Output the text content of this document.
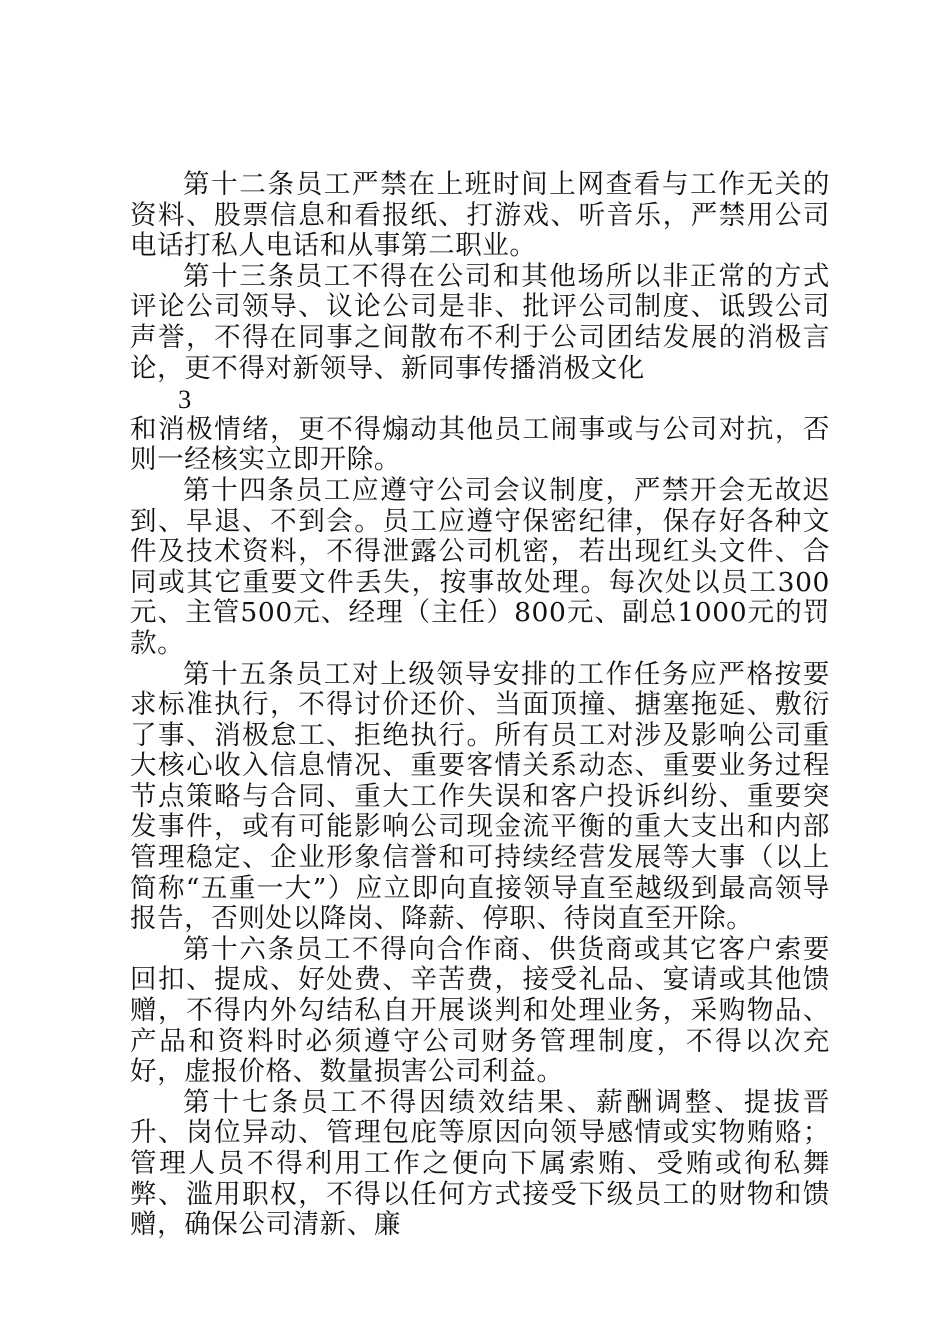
第十二条员工严禁在上班时间上网查看与工作无关的资料、股票信息和看报纸、打游戏、听音乐，严禁用公司电话打私人电话和从事第二职业。

第十三条员工不得在公司和其他场所以非正常的方式评论公司领导、议论公司是非、批评公司制度、诋毁公司声誉，不得在同事之间散布不利于公司团结发展的消极言论，更不得对新领导、新同事传播消极文化

3

和消极情绪，更不得煽动其他员工闹事或与公司对抗，否则一经核实立即开除。

第十四条员工应遵守公司会议制度，严禁开会无故迟到、早退、不到会。员工应遵守保密纪律，保存好各种文件及技术资料，不得泄露公司机密，若出现红头文件、合同或其它重要文件丢失，按事故处理。每次处以员工300元、主管500元、经理（主任）800元、副总1000元的罚款。

第十五条员工对上级领导安排的工作任务应严格按要求标准执行，不得讨价还价、当面顶撞、搪塞拖延、敷衍了事、消极怠工、拒绝执行。所有员工对涉及影响公司重大核心收入信息情况、重要客情关系动态、重要业务过程节点策略与合同、重大工作失误和客户投诉纠纷、重要突发事件，或有可能影响公司现金流平衡的重大支出和内部管理稳定、企业形象信誉和可持续经营发展等大事（以上简称“五重一大”）应立即向直接领导直至越级到最高领导报告，否则处以降岗、降薪、停职、待岗直至开除。

第十六条员工不得向合作商、供货商或其它客户索要回扣、提成、好处费、辛苦费，接受礼品、宴请或其他馈赠，不得内外勾结私自开展谈判和处理业务，采购物品、产品和资料时必须遵守公司财务管理制度，不得以次充好，虚报价格、数量损害公司利益。

第十七条员工不得因绩效结果、薪酬调整、提拔晋升、岗位异动、管理包庇等原因向领导感情或实物贿赂；管理人员不得利用工作之便向下属索贿、受贿或徇私舞弊、滥用职权，不得以任何方式接受下级员工的财物和馈赠，确保公司清新、廉
